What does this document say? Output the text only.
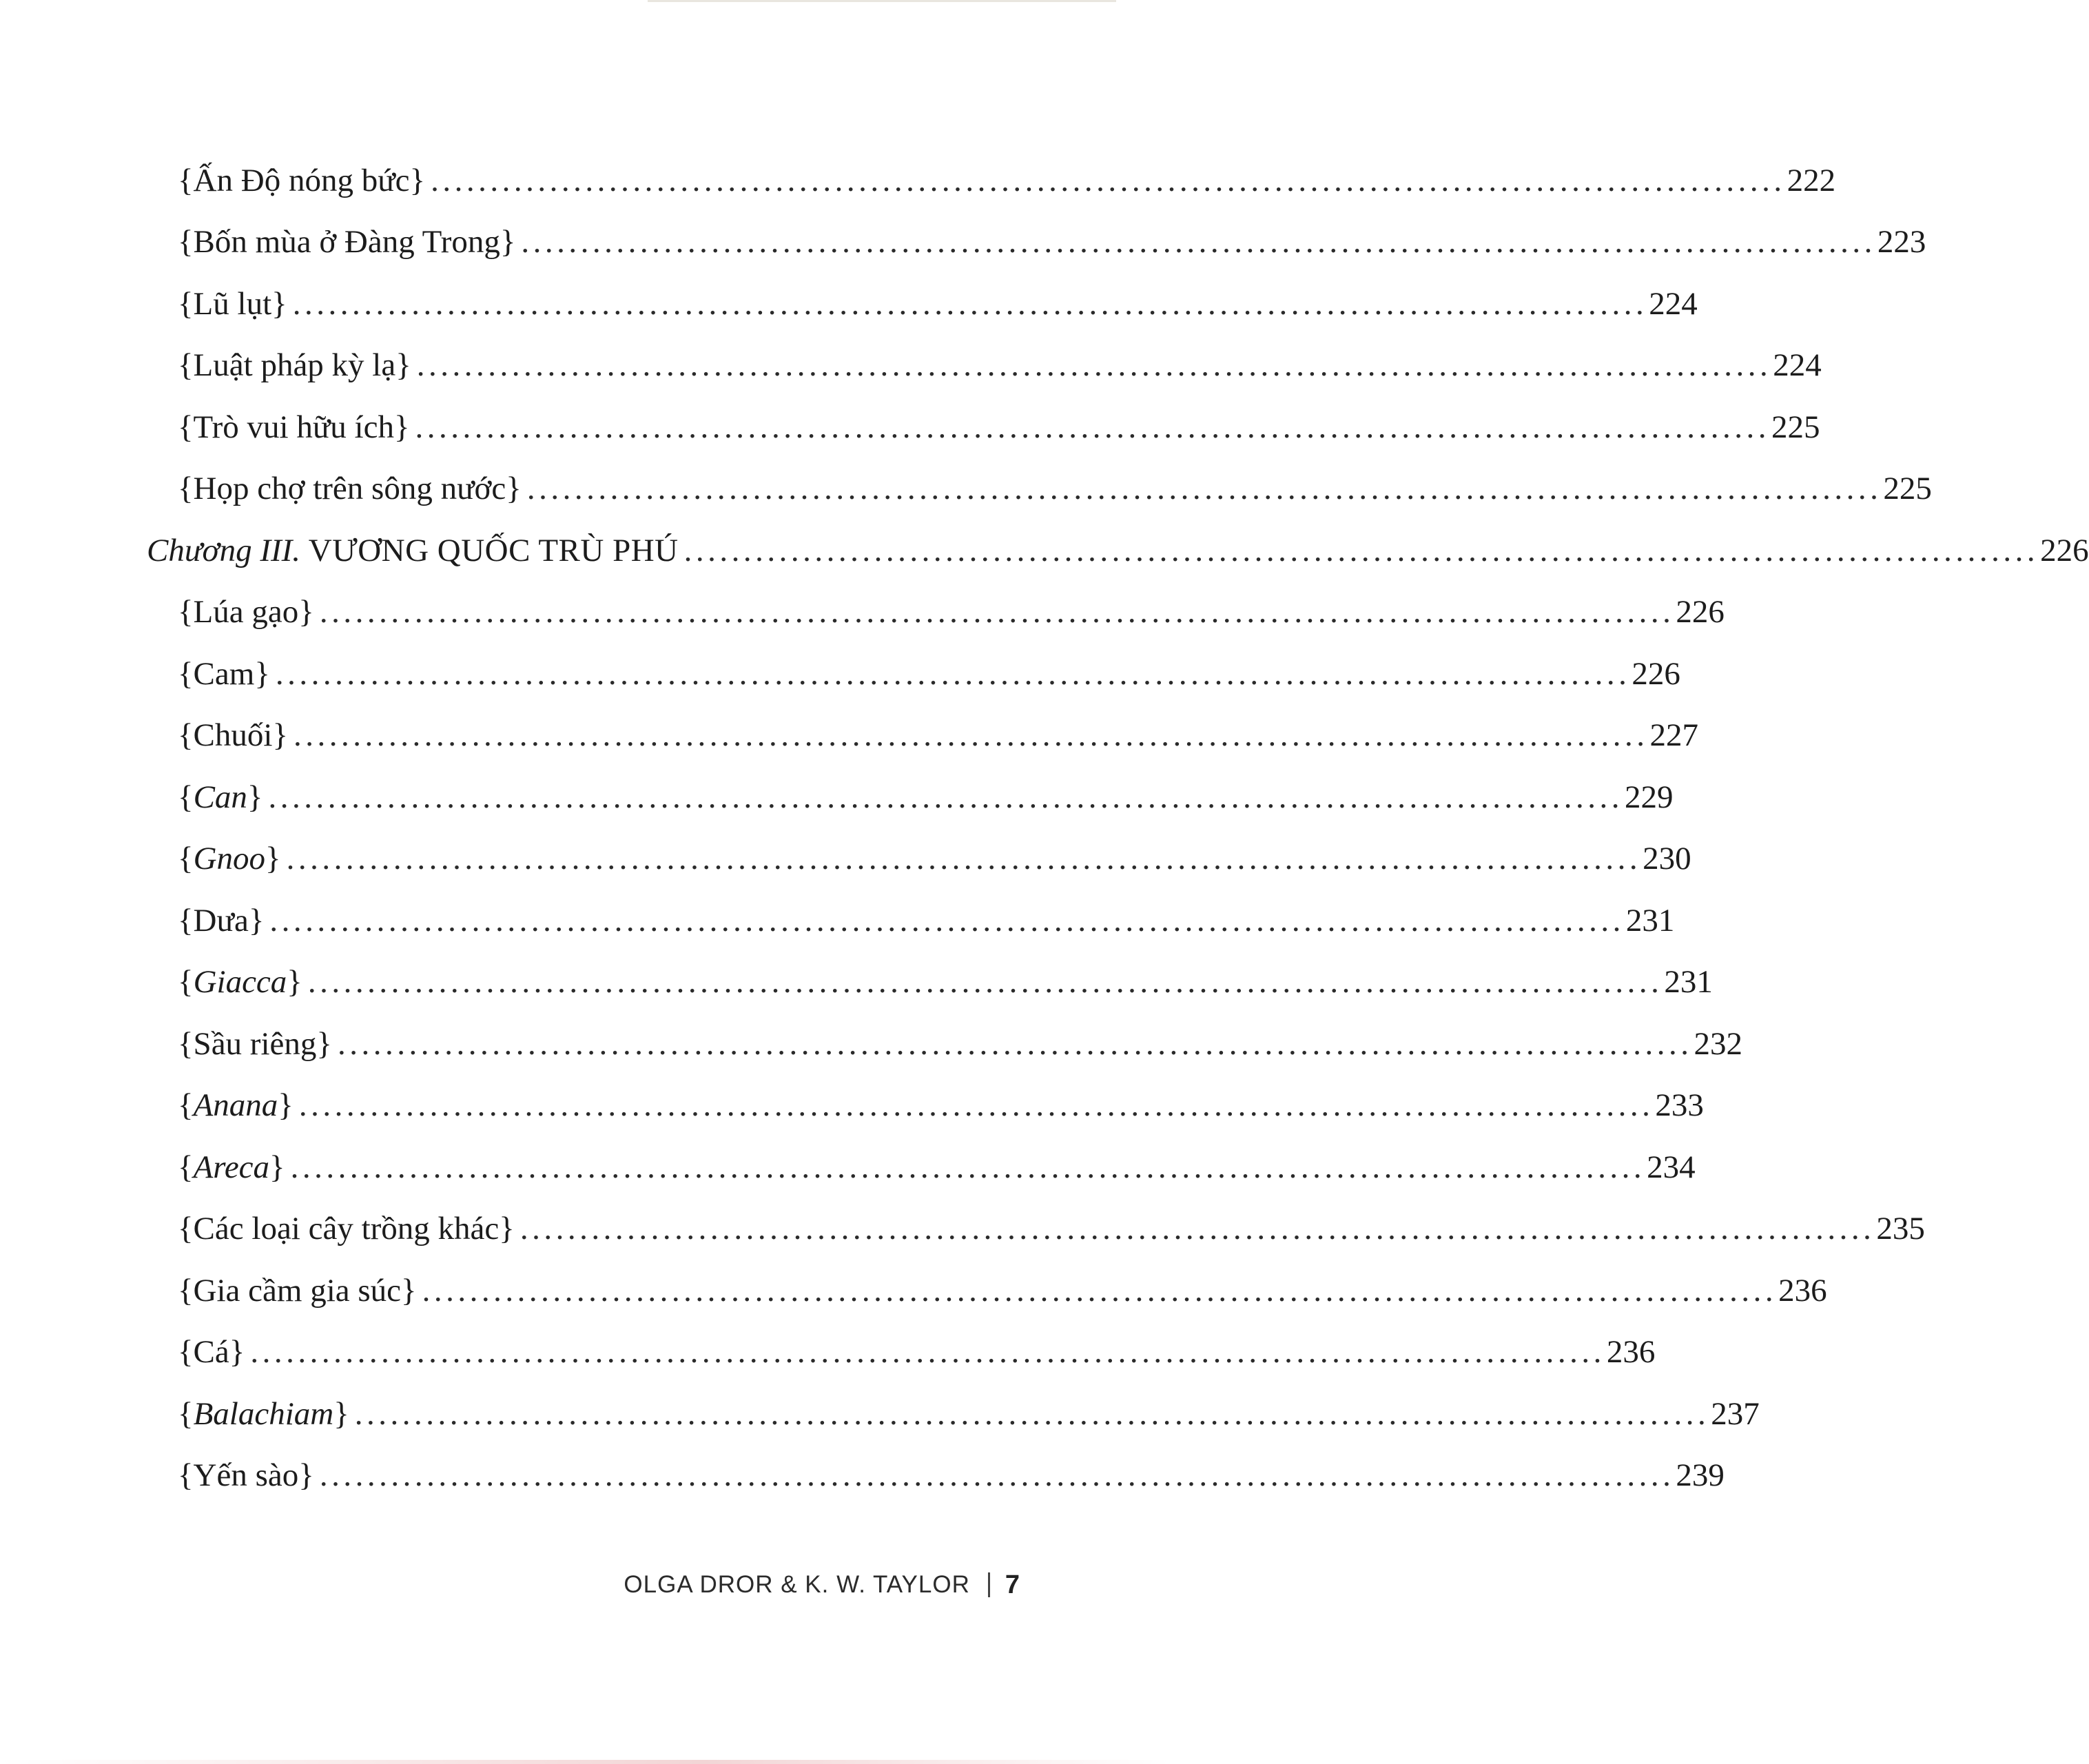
{Ấn Độ nóng bức} .................................................................................................................. 222
{Bốn mùa ở Đàng Trong} .................................................................................................................. 223
{Lũ lụt} .................................................................................................................. 224
{Luật pháp kỳ lạ} .................................................................................................................. 224
{Trò vui hữu ích} .................................................................................................................. 225
{Họp chợ trên sông nước} .................................................................................................................. 225
Chương III. VƯƠNG QUỐC TRÙ PHÚ .................................................................................................................. 226
{Lúa gạo} .................................................................................................................. 226
{Cam} .................................................................................................................. 226
{Chuối} .................................................................................................................. 227
{Can} .................................................................................................................. 229
{Gnoo} .................................................................................................................. 230
{Dưa} .................................................................................................................. 231
{Giacca} .................................................................................................................. 231
{Sầu riêng} .................................................................................................................. 232
{Anana} .................................................................................................................. 233
{Areca} .................................................................................................................. 234
{Các loại cây trồng khác} .................................................................................................................. 235
{Gia cầm gia súc} .................................................................................................................. 236
{Cá} .................................................................................................................. 236
{Balachiam} .................................................................................................................. 237
{Yến sào} .................................................................................................................. 239
OLGA DROR & K. W. TAYLOR 7
